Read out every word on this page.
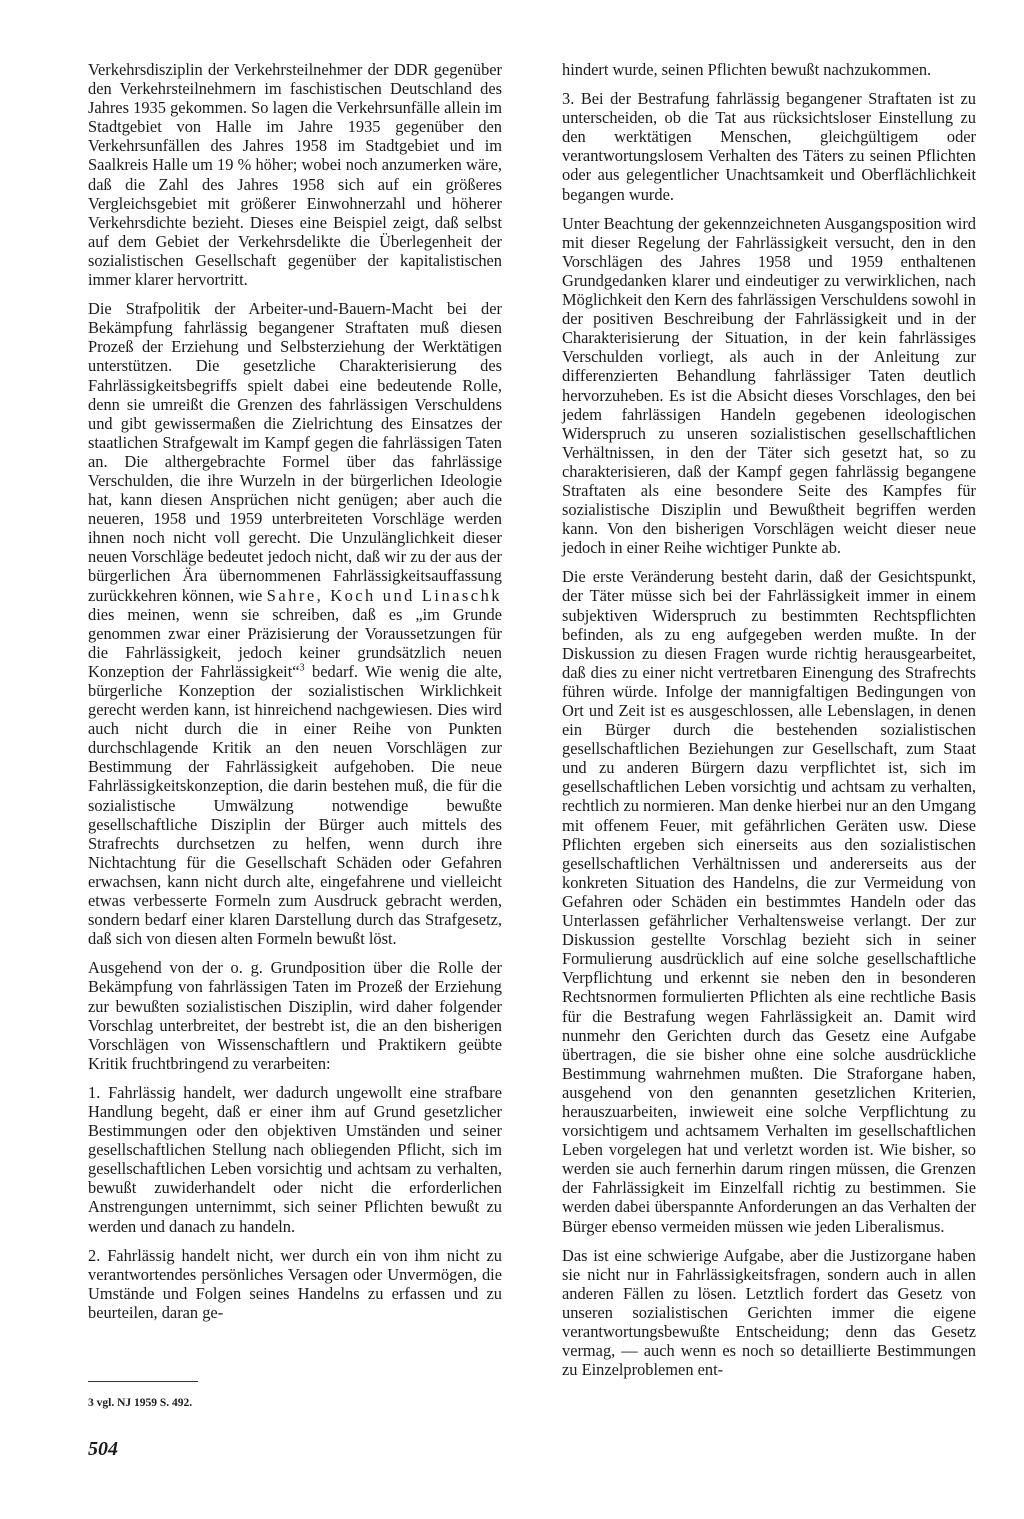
Verkehrsdisziplin der Verkehrsteilnehmer der DDR gegenüber den Verkehrsteilnehmern im faschistischen Deutschland des Jahres 1935 gekommen. So lagen die Verkehrsunfälle allein im Stadtgebiet von Halle im Jahre 1935 gegenüber den Verkehrsunfällen des Jahres 1958 im Stadtgebiet und im Saalkreis Halle um 19 % höher; wobei noch anzumerken wäre, daß die Zahl des Jahres 1958 sich auf ein größeres Vergleichsgebiet mit größerer Einwohnerzahl und höherer Verkehrsdichte bezieht. Dieses eine Beispiel zeigt, daß selbst auf dem Gebiet der Verkehrsdelikte die Überlegenheit der sozialistischen Gesellschaft gegenüber der kapitalistischen immer klarer hervortritt.

Die Strafpolitik der Arbeiter-und-Bauern-Macht bei der Bekämpfung fahrlässig begangener Straftaten muß diesen Prozeß der Erziehung und Selbsterziehung der Werktätigen unterstützen. Die gesetzliche Charakterisierung des Fahrlässigkeitsbegriffs spielt dabei eine bedeutende Rolle, denn sie umreißt die Grenzen des fahrlässigen Verschuldens und gibt gewissermaßen die Zielrichtung des Einsatzes der staatlichen Strafgewalt im Kampf gegen die fahrlässigen Taten an. Die althergebrachte Formel über das fahrlässige Verschulden, die ihre Wurzeln in der bürgerlichen Ideologie hat, kann diesen Ansprüchen nicht genügen; aber auch die neueren, 1958 und 1959 unterbreiteten Vorschläge werden ihnen noch nicht voll gerecht. Die Unzulänglichkeit dieser neuen Vorschläge bedeutet jedoch nicht, daß wir zu der aus der bürgerlichen Ära übernommenen Fahrlässigkeitsauffassung zurückkehren können, wie Sahre, Koch und Linaschk dies meinen, wenn sie schreiben, daß es „im Grunde genommen zwar einer Präzisierung der Voraussetzungen für die Fahrlässigkeit, jedoch keiner grundsätzlich neuen Konzeption der Fahrlässigkeit“$^3$ bedarf. Wie wenig die alte, bürgerliche Konzeption der sozialistischen Wirklichkeit gerecht werden kann, ist hinreichend nachgewiesen. Dies wird auch nicht durch die in einer Reihe von Punkten durchschlagende Kritik an den neuen Vorschlägen zur Bestimmung der Fahrlässigkeit aufgehoben. Die neue Fahrlässigkeitskonzeption, die darin bestehen muß, die für die sozialistische Umwälzung notwendige bewußte gesellschaftliche Disziplin der Bürger auch mittels des Strafrechts durchsetzen zu helfen, wenn durch ihre Nichtachtung für die Gesellschaft Schäden oder Gefahren erwachsen, kann nicht durch alte, eingefahrene und vielleicht etwas verbesserte Formeln zum Ausdruck gebracht werden, sondern bedarf einer klaren Darstellung durch das Strafgesetz, daß sich von diesen alten Formeln bewußt löst.

Ausgehend von der o. g. Grundposition über die Rolle der Bekämpfung von fahrlässigen Taten im Prozeß der Erziehung zur bewußten sozialistischen Disziplin, wird daher folgender Vorschlag unterbreitet, der bestrebt ist, die an den bisherigen Vorschlägen von Wissenschaftlern und Praktikern geübte Kritik fruchtbringend zu verarbeiten:

1. Fahrlässig handelt, wer dadurch ungewollt eine strafbare Handlung begeht, daß er einer ihm auf Grund gesetzlicher Bestimmungen oder den objektiven Umständen und seiner gesellschaftlichen Stellung nach obliegenden Pflicht, sich im gesellschaftlichen Leben vorsichtig und achtsam zu verhalten, bewußt zuwiderhandelt oder nicht die erforderlichen Anstrengungen unternimmt, sich seiner Pflichten bewußt zu werden und danach zu handeln.

2. Fahrlässig handelt nicht, wer durch ein von ihm nicht zu verantwortendes persönliches Versagen oder Unvermögen, die Umstände und Folgen seines Handelns zu erfassen und zu beurteilen, daran ge-

hindert wurde, seinen Pflichten bewußt nachzukommen.

3. Bei der Bestrafung fahrlässig begangener Straftaten ist zu unterscheiden, ob die Tat aus rücksichtsloser Einstellung zu den werktätigen Menschen, gleichgültigem oder verantwortungslosem Verhalten des Täters zu seinen Pflichten oder aus gelegentlicher Unachtsamkeit und Oberflächlichkeit begangen wurde.

Unter Beachtung der gekennzeichneten Ausgangsposition wird mit dieser Regelung der Fahrlässigkeit versucht, den in den Vorschlägen des Jahres 1958 und 1959 enthaltenen Grundgedanken klarer und eindeutiger zu verwirklichen, nach Möglichkeit den Kern des fahrlässigen Verschuldens sowohl in der positiven Beschreibung der Fahrlässigkeit und in der Charakterisierung der Situation, in der kein fahrlässiges Verschulden vorliegt, als auch in der Anleitung zur differenzierten Behandlung fahrlässiger Taten deutlich hervorzuheben. Es ist die Absicht dieses Vorschlages, den bei jedem fahrlässigen Handeln gegebenen ideologischen Widerspruch zu unseren sozialistischen gesellschaftlichen Verhältnissen, in den der Täter sich gesetzt hat, so zu charakterisieren, daß der Kampf gegen fahrlässig begangene Straftaten als eine besondere Seite des Kampfes für sozialistische Disziplin und Bewußtheit begriffen werden kann. Von den bisherigen Vorschlägen weicht dieser neue jedoch in einer Reihe wichtiger Punkte ab.

Die erste Veränderung besteht darin, daß der Gesichtspunkt, der Täter müsse sich bei der Fahrlässigkeit immer in einem subjektiven Widerspruch zu bestimmten Rechtspflichten befinden, als zu eng aufgegeben werden mußte. In der Diskussion zu diesen Fragen wurde richtig herausgearbeitet, daß dies zu einer nicht vertretbaren Einengung des Strafrechts führen würde. Infolge der mannigfaltigen Bedingungen von Ort und Zeit ist es ausgeschlossen, alle Lebenslagen, in denen ein Bürger durch die bestehenden sozialistischen gesellschaftlichen Beziehungen zur Gesellschaft, zum Staat und zu anderen Bürgern dazu verpflichtet ist, sich im gesellschaftlichen Leben vorsichtig und achtsam zu verhalten, rechtlich zu normieren. Man denke hierbei nur an den Umgang mit offenem Feuer, mit gefährlichen Geräten usw. Diese Pflichten ergeben sich einerseits aus den sozialistischen gesellschaftlichen Verhältnissen und andererseits aus der konkreten Situation des Handelns, die zur Vermeidung von Gefahren oder Schäden ein bestimmtes Handeln oder das Unterlassen gefährlicher Verhaltensweise verlangt. Der zur Diskussion gestellte Vorschlag bezieht sich in seiner Formulierung ausdrücklich auf eine solche gesellschaftliche Verpflichtung und erkennt sie neben den in besonderen Rechtsnormen formulierten Pflichten als eine rechtliche Basis für die Bestrafung wegen Fahrlässigkeit an. Damit wird nunmehr den Gerichten durch das Gesetz eine Aufgabe übertragen, die sie bisher ohne eine solche ausdrückliche Bestimmung wahrnehmen mußten. Die Straforgane haben, ausgehend von den genannten gesetzlichen Kriterien, herauszuarbeiten, inwieweit eine solche Verpflichtung zu vorsichtigem und achtsamem Verhalten im gesellschaftlichen Leben vorgelegen hat und verletzt worden ist. Wie bisher, so werden sie auch fernerhin darum ringen müssen, die Grenzen der Fahrlässigkeit im Einzelfall richtig zu bestimmen. Sie werden dabei überspannte Anforderungen an das Verhalten der Bürger ebenso vermeiden müssen wie jeden Liberalismus.

Das ist eine schwierige Aufgabe, aber die Justizorgane haben sie nicht nur in Fahrlässigkeitsfragen, sondern auch in allen anderen Fällen zu lösen. Letztlich fordert das Gesetz von unseren sozialistischen Gerichten immer die eigene verantwortungsbewußte Entscheidung; denn das Gesetz vermag, — auch wenn es noch so detaillierte Bestimmungen zu Einzelproblemen ent-

3 vgl. NJ 1959 S. 492.
504
